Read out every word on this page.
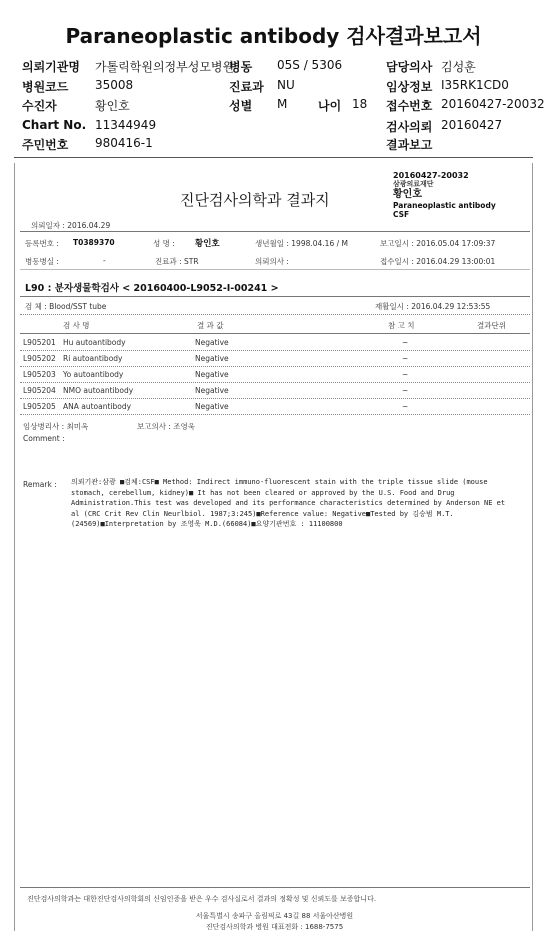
Paraneoplastic antibody 검사결과보고서
의뢰기관명 가톨릭학원의정부성모병원
병동 05S / 5306	담당의사 김성훈
병원코드 35008	진료과 NU	임상정보 I35RK1CD0
수진자	황인호	성별 M	나이 18 접수번호 20160427-20032
Chart No. 11344949	검사의뢰 20160427
주민번호 980416-1	결과보고
진단검사의학과 결과지
20160427-20032
삼광의료재단
황인호
Paraneoplastic antibody
CSF
의뢰일자 : 2016.04.29
등록번호 : T0389370	성 명 : 황인호	생년월일 : 1998.04.16 / M	보고일시 : 2016.05.04 17:09:37
병동병실 :	-	진료과 : STR	의뢰의사 :	접수일시 : 2016.04.29 13:00:01
L90 : 분자생물학검사 < 20160400-L9052-I-00241 >
검 체 : Blood/SST tube	재활일시 : 2016.04.29 12:53:55
검 사 명	결 과 값	참 고 치	결과단위
L905201 Hu autoantibody	Negative	~
L905202 Ri autoantibody	Negative	~
L905203 Yo autoantibody	Negative	~
L905204 NMO autoantibody	Negative	~
L905205 ANA autoantibody	Negative	~
임상병리사 : 최미옥	보고의사 : 조영욱
Comment :
Remark : 의뢰기관:삼광 ■검체:CSF■ Method: Indirect immuno-fluorescent stain with the triple tissue slide (mouse
stomach, cerebellum, kidney)■ It has not been cleared or approved by the U.S. Food and Drug
Administration.This test was developed and its performance characteristics determined by Anderson NE et
al (CRC Crit Rev Clin Neurlbiol. 1987;3:245)■Reference value: Negative■Tested by 김승범 M.T.
(24569)■Interpretation by 조영욱 M.D.(66084)■요양기관번호 : 11100800
진단검사의학과는 대한진단검사의학회의 신임인증을 받은 우수 검사실로서 결과의 정확성 및 신뢰도를 보증합니다.
서울특별시 송파구 올림픽로 43길 88 서울아산병원
진단검사의학과 병원 대표전화 : 1688-7575
